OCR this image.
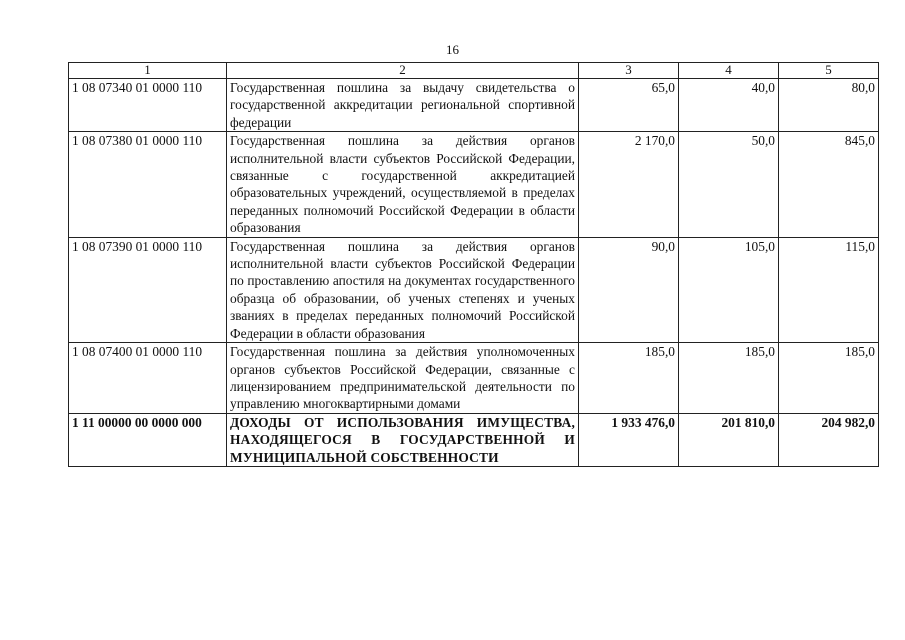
16
1	2	3	4	5
1 08 07340 01 0000 110	Государственная пошлина за выдачу свидетельства о государственной аккредитации региональной спортивной федерации	65,0	40,0	80,0
1 08 07380 01 0000 110	Государственная пошлина за действия органов исполнительной власти субъектов Российской Федерации, связанные с государственной аккредитацией образовательных учреждений, осуществляемой в пределах переданных полномочий Российской Федерации в области образования	2 170,0	50,0	845,0
1 08 07390 01 0000 110	Государственная пошлина за действия органов исполнительной власти субъектов Российской Федерации по проставлению апостиля на документах государственного образца об образовании, об ученых степенях и ученых званиях в пределах переданных полномочий Российской Федерации в области образования	90,0	105,0	115,0
1 08 07400 01 0000 110	Государственная пошлина за действия уполномоченных органов субъектов Российской Федерации, связанные с лицензированием предпринимательской деятельности по управлению многоквартирными домами	185,0	185,0	185,0
1 11 00000 00 0000 000	ДОХОДЫ ОТ ИСПОЛЬЗОВАНИЯ ИМУЩЕСТВА, НАХОДЯЩЕГОСЯ В ГОСУДАРСТВЕННОЙ И МУНИЦИПАЛЬНОЙ СОБСТВЕННОСТИ	1 933 476,0	201 810,0	204 982,0
